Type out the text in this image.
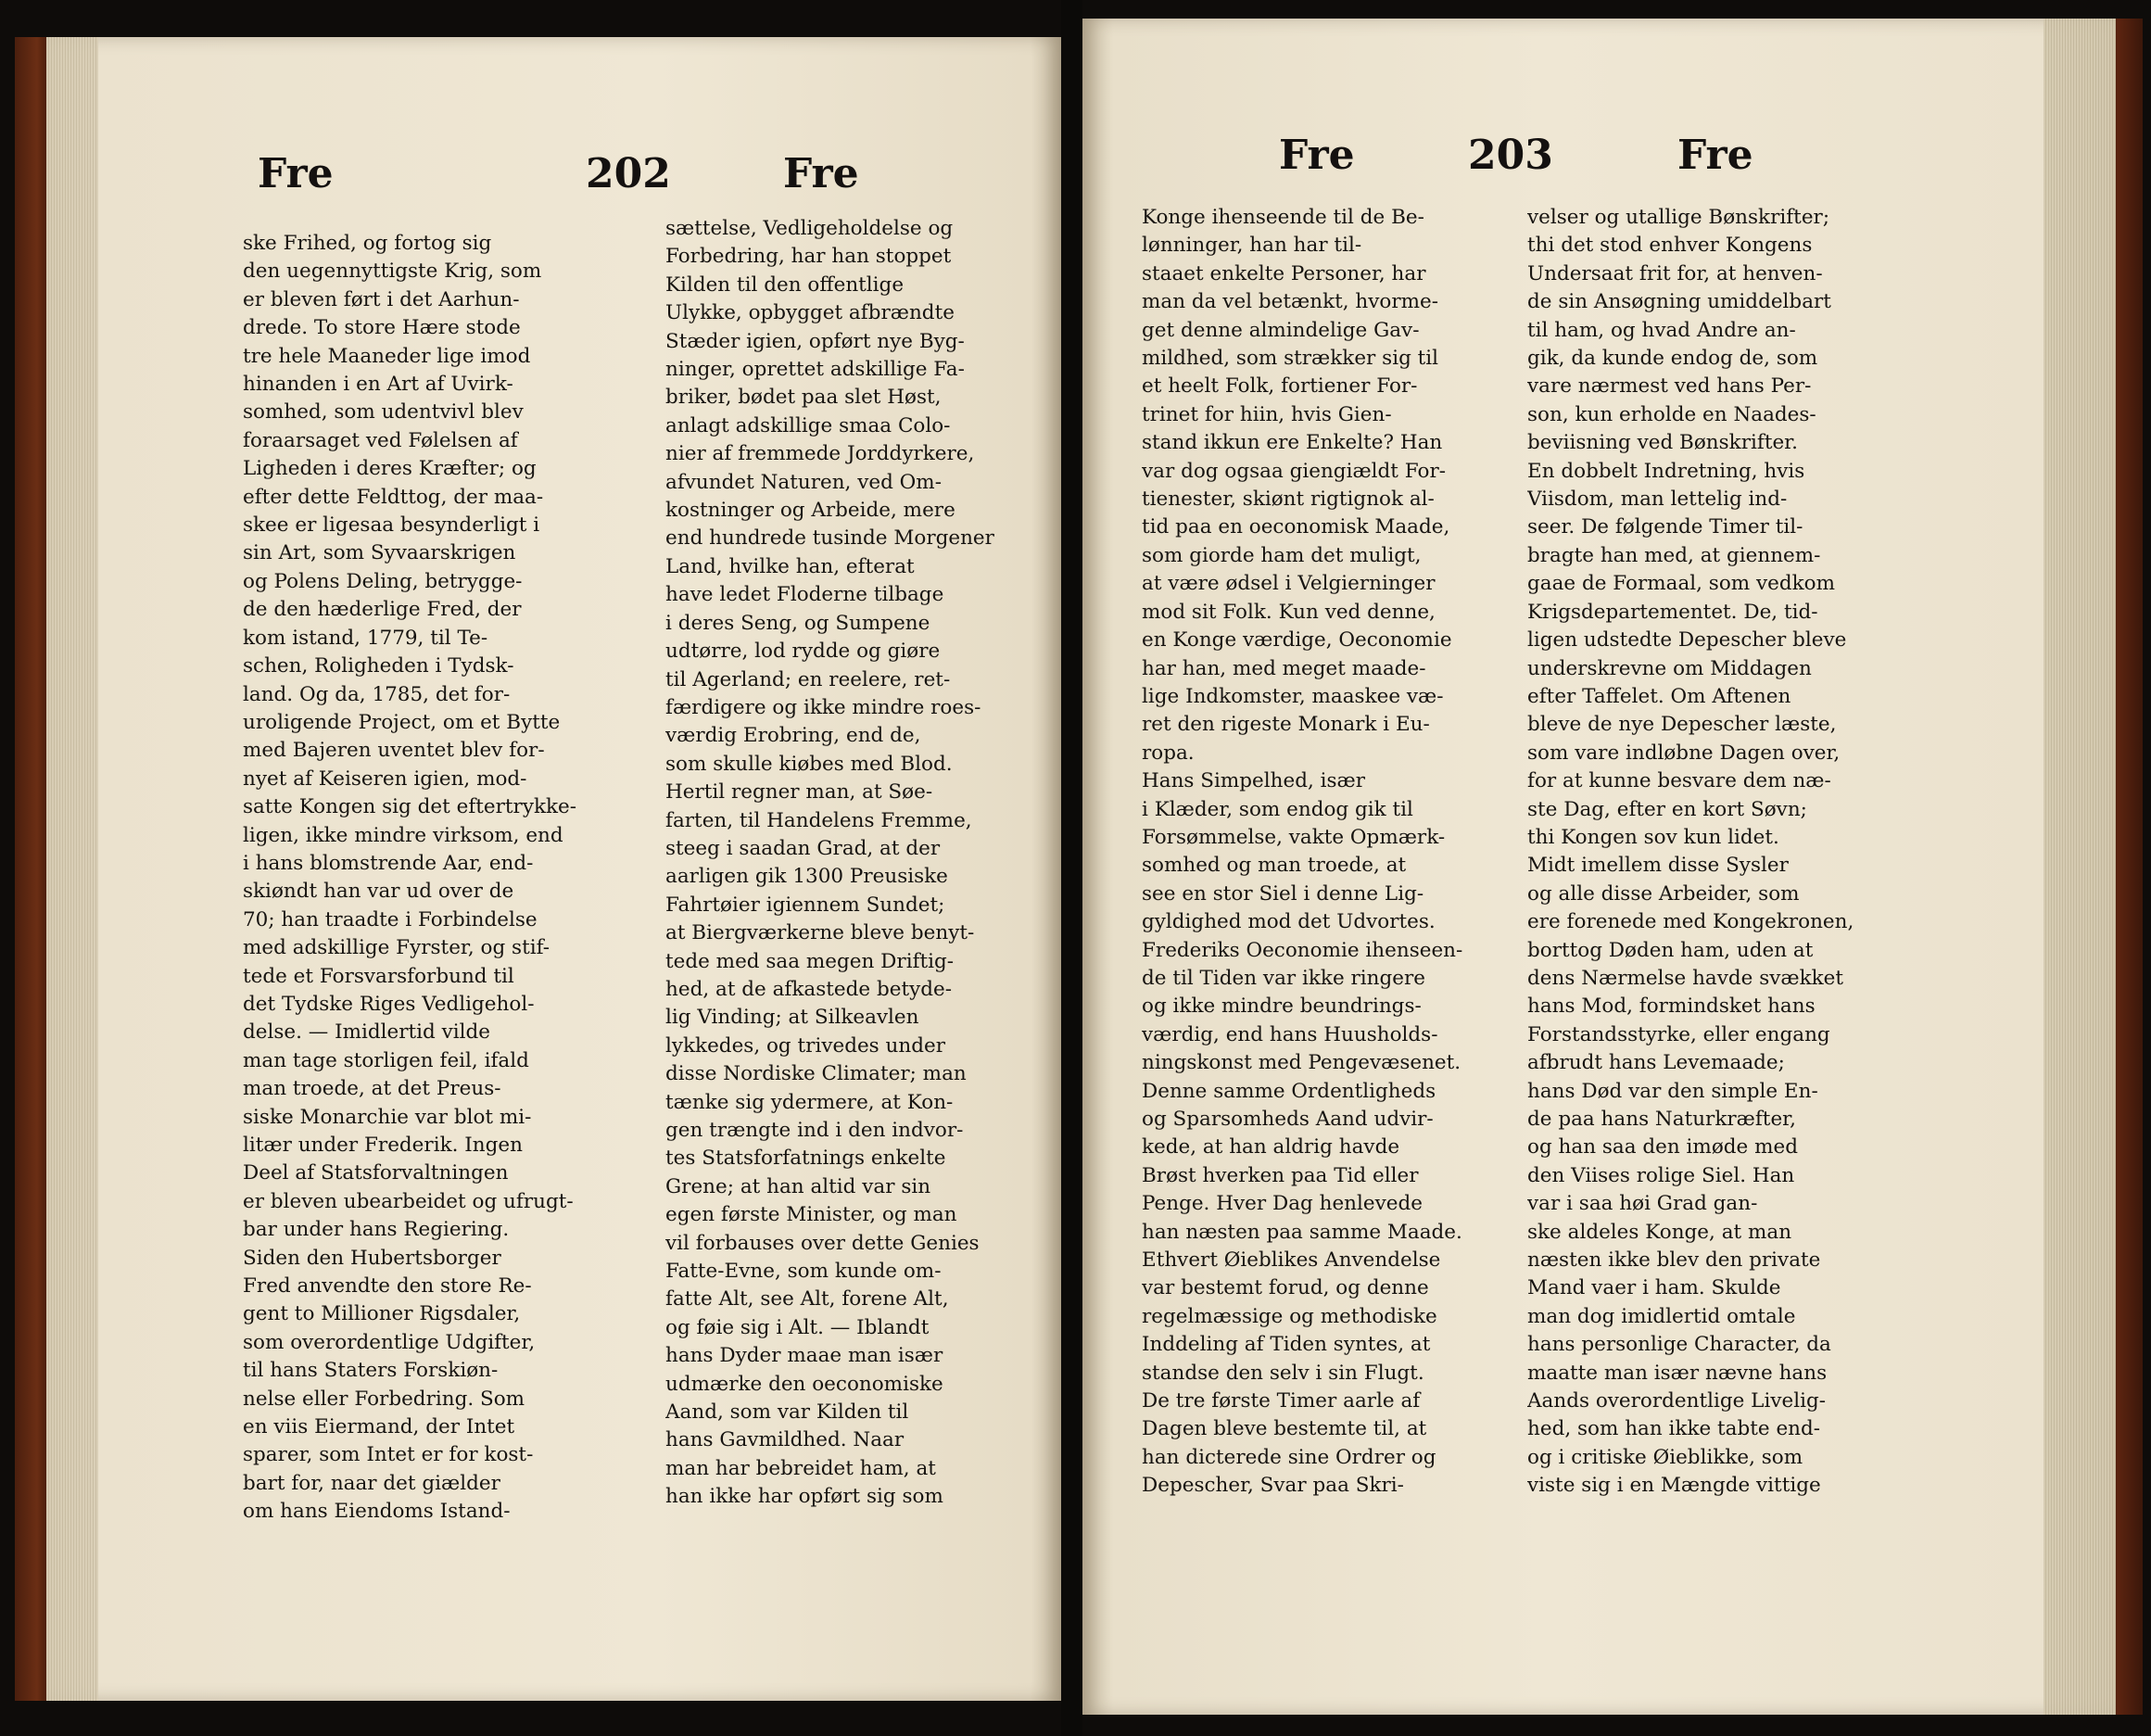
Fre	202	Fre
ske Frihed, og fortog sig
den uegennyttigste Krig, som
er bleven ført i det Aarhun-
drede. To store Hære stode
tre hele Maaneder lige imod
hinanden i en Art af Uvirk-
somhed, som udentvivl blev
foraarsaget ved Følelsen af
Ligheden i deres Kræfter; og
efter dette Feldttog, der maa-
skee er ligesaa besynderligt i
sin Art, som Syvaarskrigen
og Polens Deling, betrygge-
de den hæderlige Fred, der
kom istand, 1779, til Te-
schen, Roligheden i Tydsk-
land. Og da, 1785, det for-
uroligende Project, om et Bytte
med Bajeren uventet blev for-
nyet af Keiseren igien, mod-
satte Kongen sig det eftertrykke-
ligen, ikke mindre virksom, end
i hans blomstrende Aar, end-
skiøndt han var ud over de
70; han traadte i Forbindelse
med adskillige Fyrster, og stif-
tede et Forsvarsforbund til
det Tydske Riges Vedligehol-
delse. — Imidlertid vilde
man tage storligen feil, ifald
man troede, at det Preus-
siske Monarchie var blot mi-
litær under Frederik. Ingen
Deel af Statsforvaltningen
er bleven ubearbeidet og ufrugt-
bar under hans Regiering.
Siden den Hubertsborger
Fred anvendte den store Re-
gent to Millioner Rigsdaler,
som overordentlige Udgifter,
til hans Staters Forskiøn-
nelse eller Forbedring. Som
en viis Eiermand, der Intet
sparer, som Intet er for kost-
bart for, naar det giælder
om hans Eiendoms Istand-
sættelse, Vedligeholdelse og
Forbedring, har han stoppet
Kilden til den offentlige
Ulykke, opbygget afbrændte
Stæder igien, opført nye Byg-
ninger, oprettet adskillige Fa-
briker, bødet paa slet Høst,
anlagt adskillige smaa Colo-
nier af fremmede Jorddyrkere,
afvundet Naturen, ved Om-
kostninger og Arbeide, mere
end hundrede tusinde Morgener
Land, hvilke han, efterat
have ledet Floderne tilbage
i deres Seng, og Sumpene
udtørre, lod rydde og giøre
til Agerland; en reelere, ret-
færdigere og ikke mindre roes-
værdig Erobring, end de,
som skulle kiøbes med Blod.
Hertil regner man, at Søe-
farten, til Handelens Fremme,
steeg i saadan Grad, at der
aarligen gik 1300 Preusiske
Fahrtøier igiennem Sundet;
at Biergværkerne bleve benyt-
tede med saa megen Driftig-
hed, at de afkastede betyde-
lig Vinding; at Silkeavlen
lykkedes, og trivedes under
disse Nordiske Climater; man
tænke sig ydermere, at Kon-
gen trængte ind i den indvor-
tes Statsforfatnings enkelte
Grene; at han altid var sin
egen første Minister, og man
vil forbauses over dette Genies
Fatte-Evne, som kunde om-
fatte Alt, see Alt, forene Alt,
og føie sig i Alt. — Iblandt
hans Dyder maae man især
udmærke den oeconomiske
Aand, som var Kilden til
hans Gavmildhed. Naar
man har bebreidet ham, at
han ikke har opført sig som
Fre	203	Fre
Konge ihenseende til de Be-
lønninger, han har til-
staaet enkelte Personer, har
man da vel betænkt, hvorme-
get denne almindelige Gav-
mildhed, som strækker sig til
et heelt Folk, fortiener For-
trinet for hiin, hvis Gien-
stand ikkun ere Enkelte? Han
var dog ogsaa giengiældt For-
tienester, skiønt rigtignok al-
tid paa en oeconomisk Maade,
som giorde ham det muligt,
at være ødsel i Velgierninger
mod sit Folk. Kun ved denne,
en Konge værdige, Oeconomie
har han, med meget maade-
lige Indkomster, maaskee væ-
ret den rigeste Monark i Eu-
ropa.
Hans Simpelhed, især
i Klæder, som endog gik til
Forsømmelse, vakte Opmærk-
somhed og man troede, at
see en stor Siel i denne Lig-
gyldighed mod det Udvortes.
Frederiks Oeconomie ihenseen-
de til Tiden var ikke ringere
og ikke mindre beundrings-
værdig, end hans Huusholds-
ningskonst med Pengevæsenet.
Denne samme Ordentligheds
og Sparsomheds Aand udvir-
kede, at han aldrig havde
Brøst hverken paa Tid eller
Penge. Hver Dag henlevede
han næsten paa samme Maade.
Ethvert Øieblikes Anvendelse
var bestemt forud, og denne
regelmæssige og methodiske
Inddeling af Tiden syntes, at
standse den selv i sin Flugt.
De tre første Timer aarle af
Dagen bleve bestemte til, at
han dicterede sine Ordrer og
Depescher, Svar paa Skri-
velser og utallige Bønskrifter;
thi det stod enhver Kongens
Undersaat frit for, at henven-
de sin Ansøgning umiddelbart
til ham, og hvad Andre an-
gik, da kunde endog de, som
vare nærmest ved hans Per-
son, kun erholde en Naades-
beviisning ved Bønskrifter.
En dobbelt Indretning, hvis
Viisdom, man lettelig ind-
seer. De følgende Timer til-
bragte han med, at giennem-
gaae de Formaal, som vedkom
Krigsdepartementet. De, tid-
ligen udstedte Depescher bleve
underskrevne om Middagen
efter Taffelet. Om Aftenen
bleve de nye Depescher læste,
som vare indløbne Dagen over,
for at kunne besvare dem næ-
ste Dag, efter en kort Søvn;
thi Kongen sov kun lidet.
Midt imellem disse Sysler
og alle disse Arbeider, som
ere forenede med Kongekronen,
borttog Døden ham, uden at
dens Nærmelse havde svækket
hans Mod, formindsket hans
Forstandsstyrke, eller engang
afbrudt hans Levemaade;
hans Død var den simple En-
de paa hans Naturkræfter,
og han saa den imøde med
den Viises rolige Siel. Han
var i saa høi Grad gan-
ske aldeles Konge, at man
næsten ikke blev den private
Mand vaer i ham. Skulde
man dog imidlertid omtale
hans personlige Character, da
maatte man især nævne hans
Aands overordentlige Livelig-
hed, som han ikke tabte end-
og i critiske Øieblikke, som
viste sig i en Mængde vittige
